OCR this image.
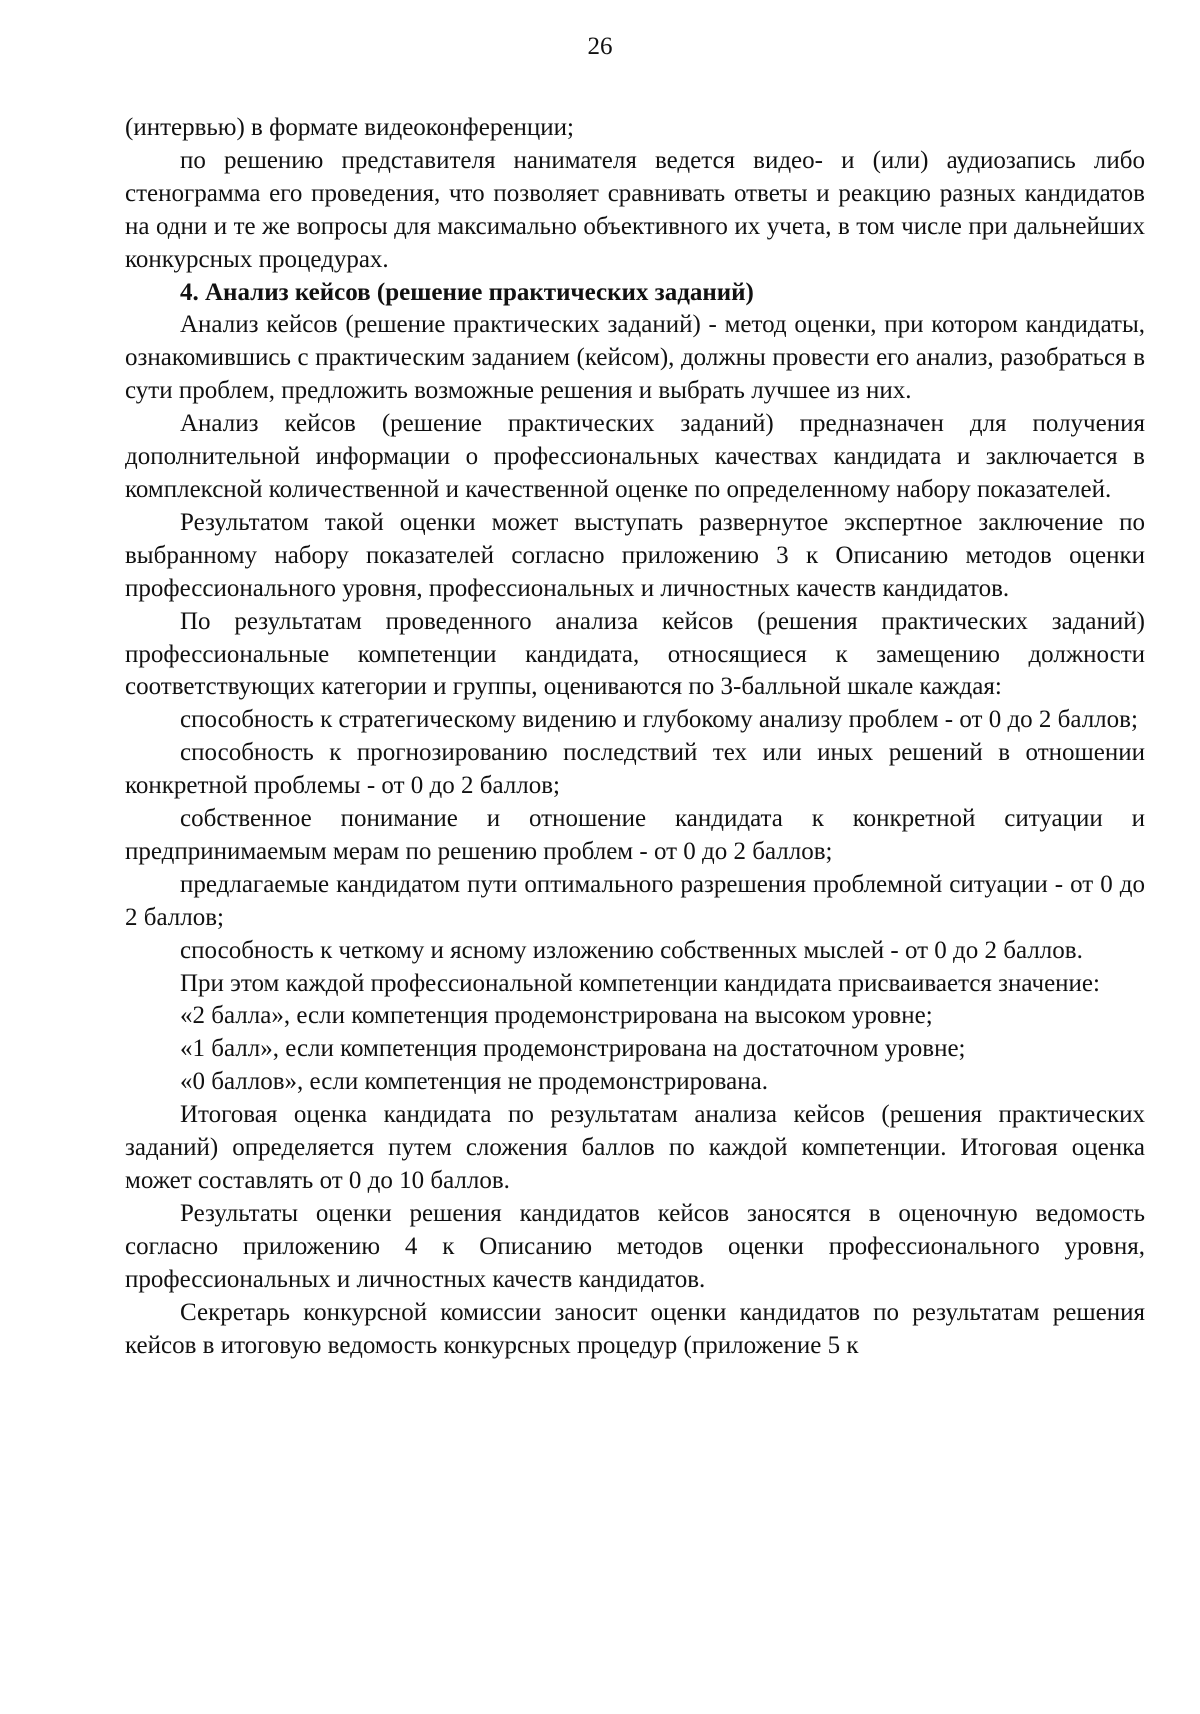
26

(интервью) в формате видеоконференции;

по решению представителя нанимателя ведется видео- и (или) аудиозапись либо стенограмма его проведения, что позволяет сравнивать ответы и реакцию разных кандидатов на одни и те же вопросы для максимально объективного их учета, в том числе при дальнейших конкурсных процедурах.

4. Анализ кейсов (решение практических заданий)

Анализ кейсов (решение практических заданий) - метод оценки, при котором кандидаты, ознакомившись с практическим заданием (кейсом), должны провести его анализ, разобраться в сути проблем, предложить возможные решения и выбрать лучшее из них.

Анализ кейсов (решение практических заданий) предназначен для получения дополнительной информации о профессиональных качествах кандидата и заключается в комплексной количественной и качественной оценке по определенному набору показателей.

Результатом такой оценки может выступать развернутое экспертное заключение по выбранному набору показателей согласно приложению 3 к Описанию методов оценки профессионального уровня, профессиональных и личностных качеств кандидатов.

По результатам проведенного анализа кейсов (решения практических заданий) профессиональные компетенции кандидата, относящиеся к замещению должности соответствующих категории и группы, оцениваются по 3-балльной шкале каждая:

способность к стратегическому видению и глубокому анализу проблем - от 0 до 2 баллов;

способность к прогнозированию последствий тех или иных решений в отношении конкретной проблемы - от 0 до 2 баллов;

собственное понимание и отношение кандидата к конкретной ситуации и предпринимаемым мерам по решению проблем - от 0 до 2 баллов;

предлагаемые кандидатом пути оптимального разрешения проблемной ситуации - от 0 до 2 баллов;

способность к четкому и ясному изложению собственных мыслей - от 0 до 2 баллов.

При этом каждой профессиональной компетенции кандидата присваивается значение:

«2 балла», если компетенция продемонстрирована на высоком уровне;

«1 балл», если компетенция продемонстрирована на достаточном уровне;

«0 баллов», если компетенция не продемонстрирована.

Итоговая оценка кандидата по результатам анализа кейсов (решения практических заданий) определяется путем сложения баллов по каждой компетенции. Итоговая оценка может составлять от 0 до 10 баллов.

Результаты оценки решения кандидатов кейсов заносятся в оценочную ведомость согласно приложению 4 к Описанию методов оценки профессионального уровня, профессиональных и личностных качеств кандидатов.

Секретарь конкурсной комиссии заносит оценки кандидатов по результатам решения кейсов в итоговую ведомость конкурсных процедур (приложение 5 к
